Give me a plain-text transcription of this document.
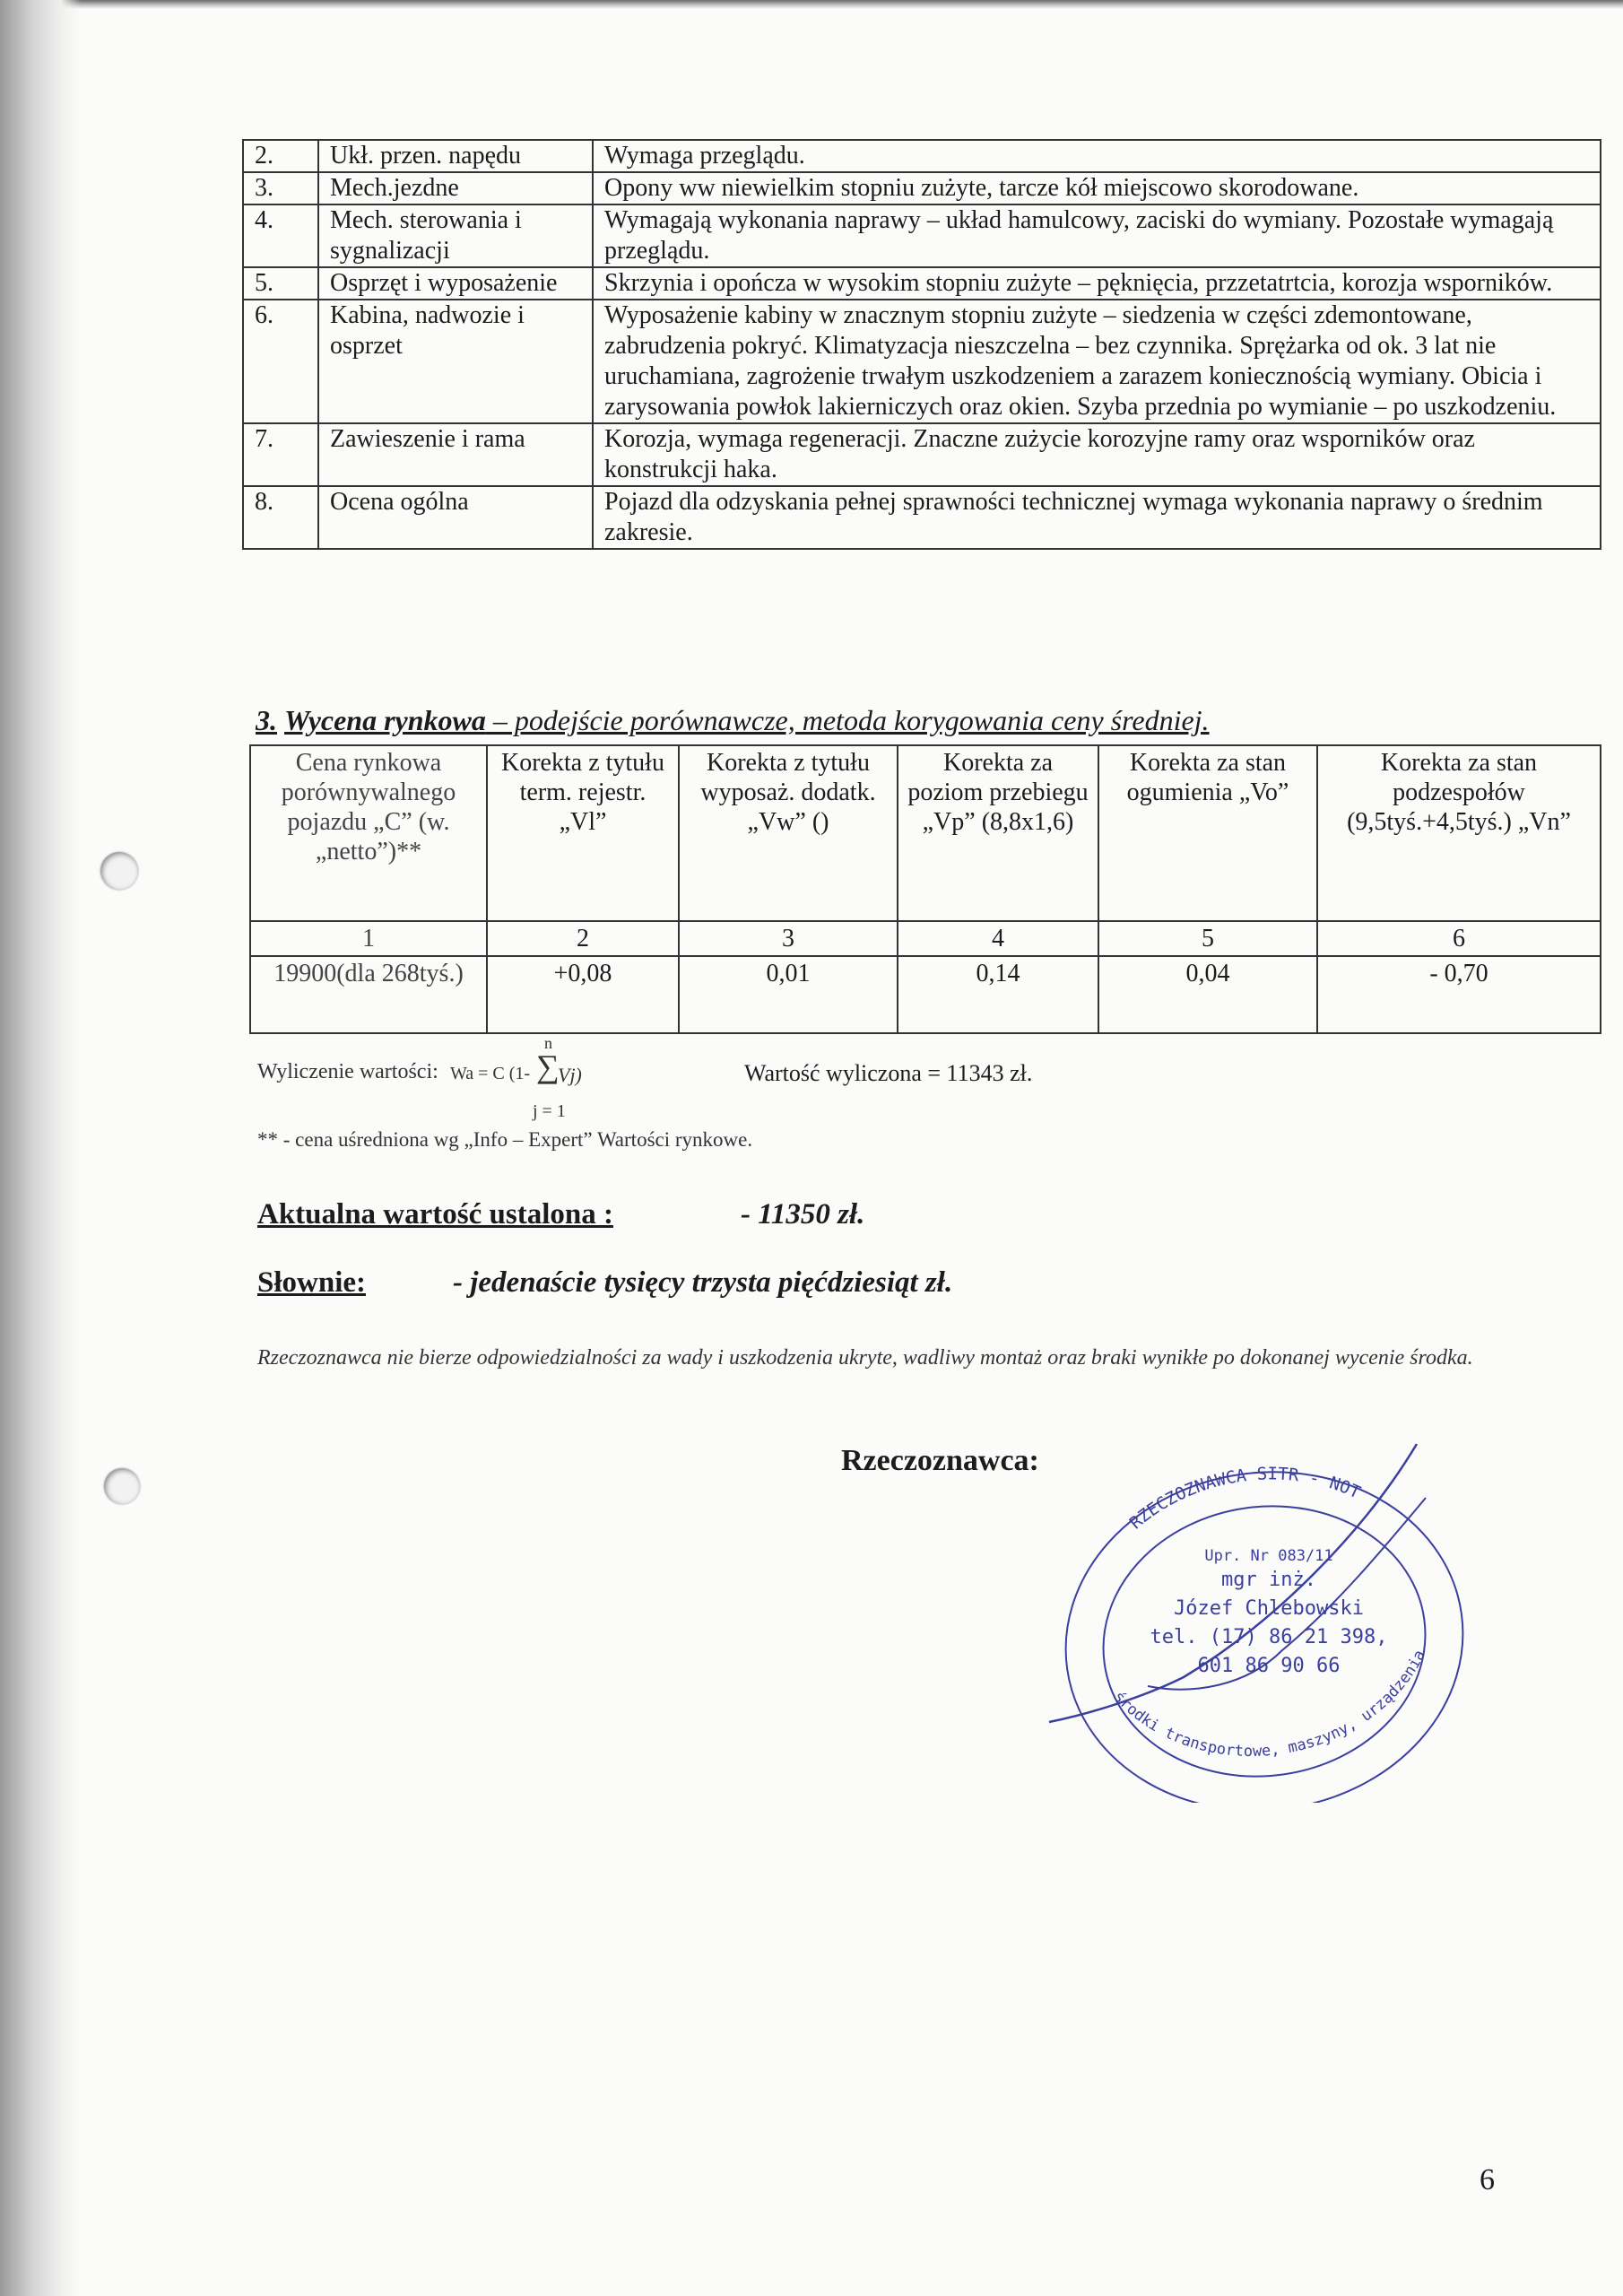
2.	Ukł. przen. napędu	Wymaga przeglądu.
3.	Mech.jezdne	Opony ww niewielkim stopniu zużyte, tarcze kół miejscowo skorodowane.
4.	Mech. sterowania i sygnalizacji	Wymagają wykonania naprawy – układ hamulcowy, zaciski do wymiany. Pozostałe wymagają przeglądu.
5.	Osprzęt i wyposażenie	Skrzynia i opończa w wysokim stopniu zużyte – pęknięcia, przzetatrtcia, korozja wsporników.
6.	Kabina, nadwozie i osprzet	Wyposażenie kabiny w znacznym stopniu zużyte – siedzenia w części zdemontowane, zabrudzenia pokryć. Klimatyzacja nieszczelna – bez czynnika. Sprężarka od ok. 3 lat nie uruchamiana, zagrożenie trwałym uszkodzeniem a zarazem koniecznością wymiany. Obicia i zarysowania powłok lakierniczych oraz okien. Szyba przednia po wymianie – po uszkodzeniu.
7.	Zawieszenie i rama	Korozja, wymaga regeneracji. Znaczne zużycie korozyjne ramy oraz wsporników oraz konstrukcji haka.
8.	Ocena ogólna	Pojazd dla odzyskania pełnej sprawności technicznej wymaga wykonania naprawy o średnim zakresie.
3. Wycena rynkowa – podejście porównawcze, metoda korygowania ceny średniej.
Cena rynkowa porównywalnego pojazdu „C” (w. „netto”)**	Korekta z tytułu term. rejestr. „Vl”	Korekta z tytułu wyposaż. dodatk. „Vw” ()	Korekta za poziom przebiegu „Vp” (8,8x1,6)	Korekta za stan ogumienia „Vo”	Korekta za stan podzespołów (9,5tyś.+4,5tyś.) „Vn”
1	2	3	4	5	6
19900(dla 268tyś.)	+0,08	0,01	0,14	0,04	- 0,70
Wyliczenie wartości: Wa = C (1-
n
∑
Vj)
j = 1
Wartość wyliczona = 11343 zł.
** - cena uśredniona wg „Info – Expert” Wartości rynkowe.
Aktualna wartość ustalona :	- 11350 zł.
Słownie:	- jedenaście tysięcy trzysta pięćdziesiąt zł.
Rzeczoznawca nie bierze odpowiedzialności za wady i uszkodzenia ukryte, wadliwy montaż oraz braki wynikłe po dokonanej wycenie środka.
Rzeczoznawca:
RZECZOZNAWCA SITR - NOT
środki transportowe, maszyny, urządzenia
Upr. Nr 083/11
mgr inż.
Józef Chlebowski
tel. (17) 86 21 398,
601 86 90 66
6
